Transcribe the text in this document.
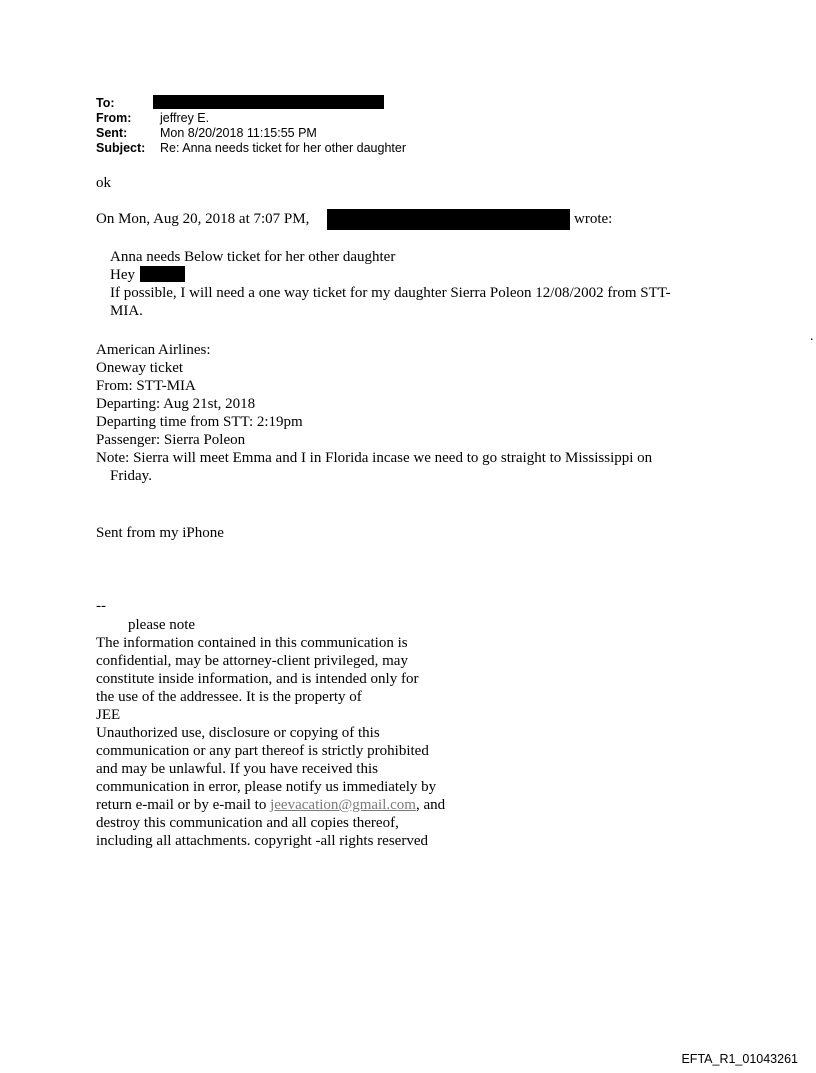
To:
From: jeffrey E.
Sent:	Mon 8/20/2018 11:15:55 PM
Subject: Re: Anna needs ticket for her other daughter
ok
On Mon, Aug 20, 2018 at 7:07 PM,	wrote:
Anna needs Below ticket for her other daughter
Hey
If possible, I will need a one way ticket for my daughter Sierra Poleon 12/08/2002 from STT-
MIA.
American Airlines:
Oneway ticket
From: STT-MIA
Departing: Aug 21st, 2018
Departing time from STT: 2:19pm
Passenger: Sierra Poleon
Note: Sierra will meet Emma and I in Florida incase we need to go straight to Mississippi on
Friday.
Sent from my iPhone
--
please note
The information contained in this communication is
confidential, may be attorney-client privileged, may
constitute inside information, and is intended only for
the use of the addressee. It is the property of
JEE
Unauthorized use, disclosure or copying of this
communication or any part thereof is strictly prohibited
and may be unlawful. If you have received this
communication in error, please notify us immediately by
return e-mail or by e-mail to jeevacation@gmail.com, and
destroy this communication and all copies thereof,
including all attachments. copyright -all rights reserved
.
EFTA_R1_01043261
